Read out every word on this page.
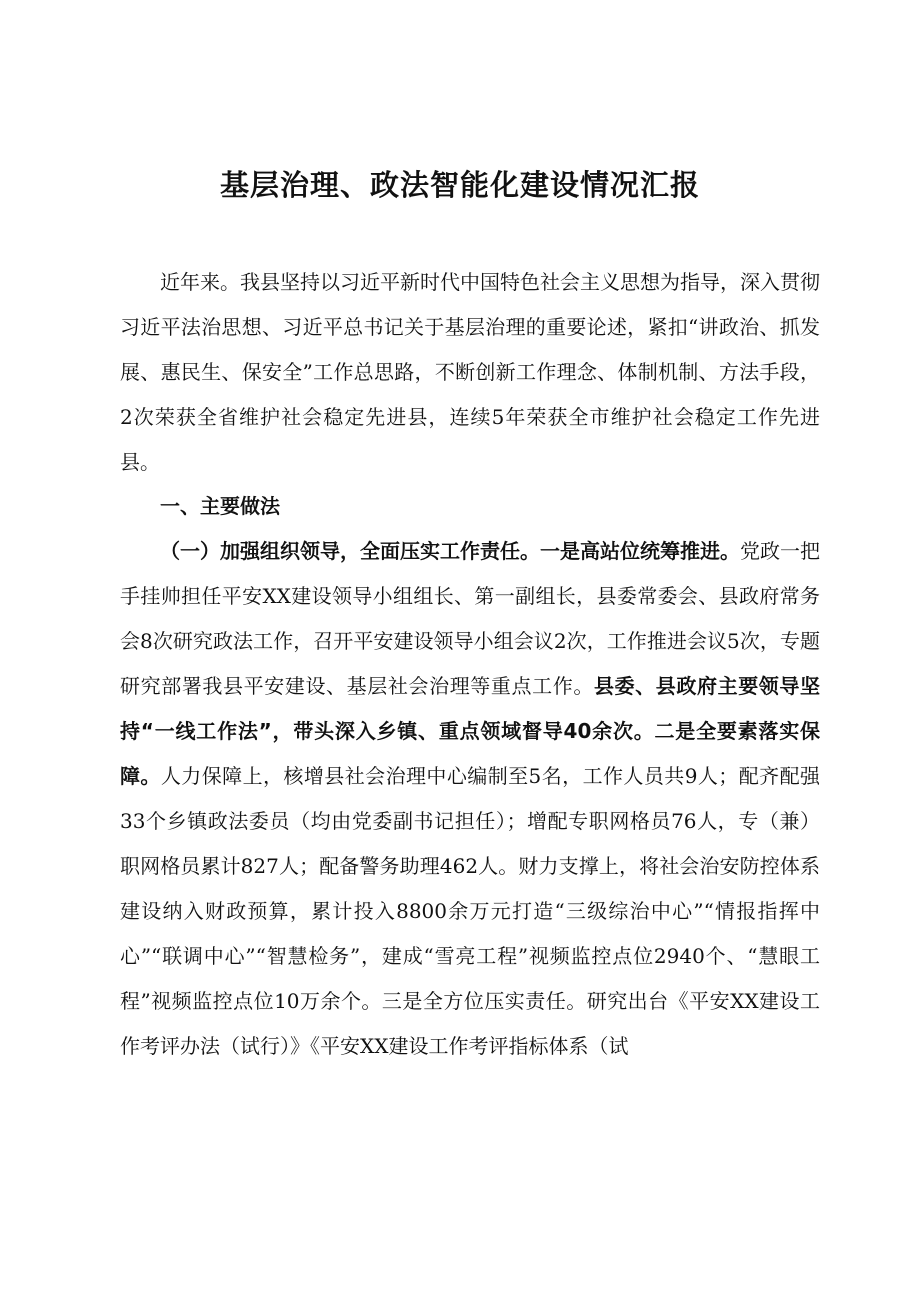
基层治理、政法智能化建设情况汇报

近年来。我县坚持以习近平新时代中国特色社会主义思想为指导，深入贯彻习近平法治思想、习近平总书记关于基层治理的重要论述，紧扣“讲政治、抓发展、惠民生、保安全”工作总思路，不断创新工作理念、体制机制、方法手段，2次荣获全省维护社会稳定先进县，连续5年荣获全市维护社会稳定工作先进县。

一、主要做法

（一）加强组织领导，全面压实工作责任。一是高站位统筹推进。党政一把手挂帅担任平安XX建设领导小组组长、第一副组长，县委常委会、县政府常务会8次研究政法工作，召开平安建设领导小组会议2次，工作推进会议5次，专题研究部署我县平安建设、基层社会治理等重点工作。县委、县政府主要领导坚持“一线工作法”，带头深入乡镇、重点领域督导40余次。二是全要素落实保障。人力保障上，核增县社会治理中心编制至5名，工作人员共9人；配齐配强33个乡镇政法委员（均由党委副书记担任）；增配专职网格员76人，专（兼）职网格员累计827人；配备警务助理462人。财力支撑上，将社会治安防控体系建设纳入财政预算，累计投入8800余万元打造“三级综治中心”“情报指挥中心”“联调中心”“智慧检务”，建成“雪亮工程”视频监控点位2940个、“慧眼工程”视频监控点位10万余个。三是全方位压实责任。研究出台《平安XX建设工作考评办法（试行）》《平安XX建设工作考评指标体系（试
